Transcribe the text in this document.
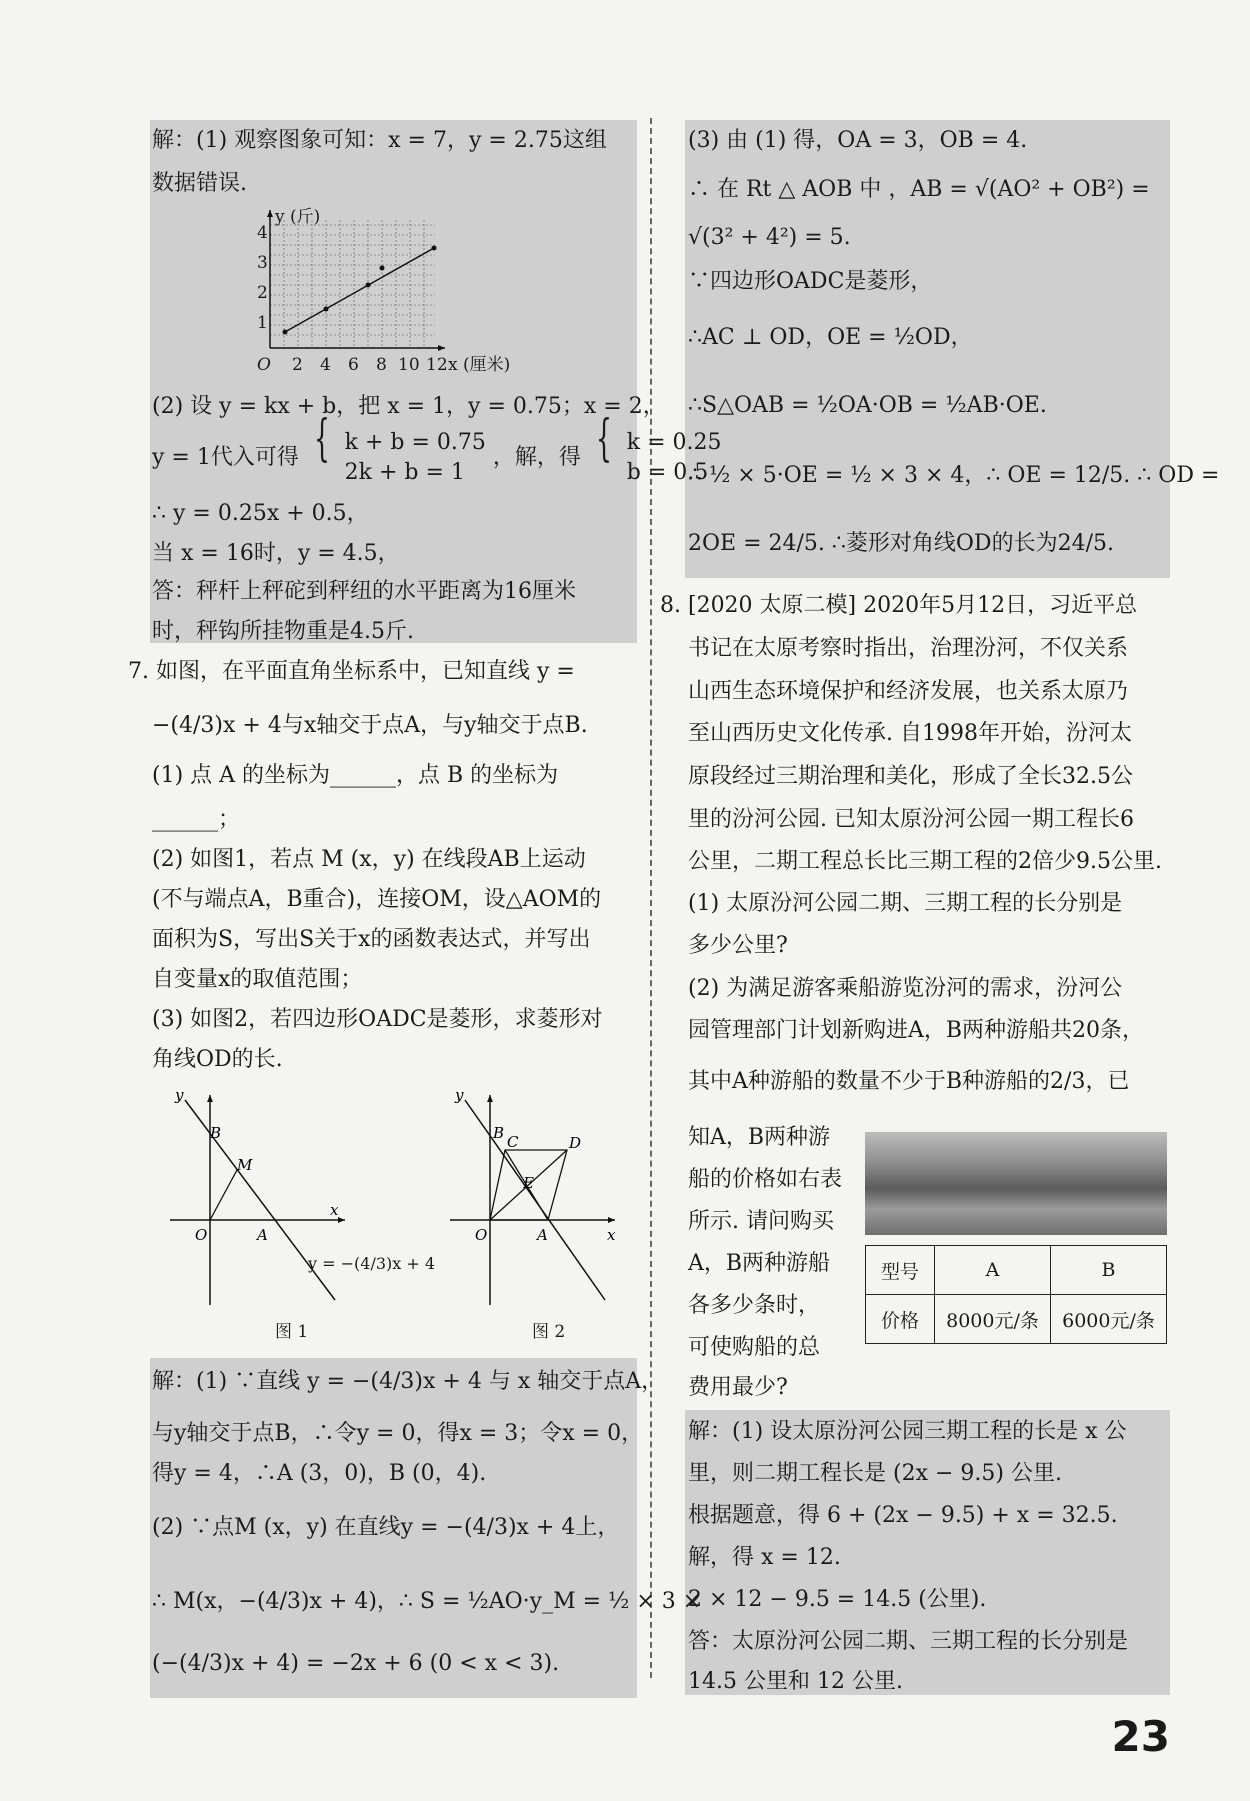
解：(1) 观察图象可知：x = 7，y = 2.75这组
数据错误.
y (斤)
4
3
2
1
O 2 4 6 8 10 12 x (厘米)
(2) 设 y = kx + b，把 x = 1，y = 0.75；x = 2，
y = 1代入可得 { k + b = 0.75
2k + b = 1 ，解，得 { k = 0.25
b = 0.5
∴ y = 0.25x + 0.5，
当 x = 16时，y = 4.5，
答：秤杆上秤砣到秤纽的水平距离为16厘米
时，秤钩所挂物重是4.5斤.
7. 如图，在平面直角坐标系中，已知直线 y =
−(4/3)x + 4与x轴交于点A，与y轴交于点B.
(1) 点 A 的坐标为______，点 B 的坐标为
______；
(2) 如图1，若点 M (x，y) 在线段AB上运动
(不与端点A，B重合)，连接OM，设△AOM的
面积为S，写出S关于x的函数表达式，并写出
自变量x的取值范围；
(3) 如图2，若四边形OADC是菱形，求菱形对
角线OD的长.
y
B
M
O	A
x
y = −(4/3)x + 4
图 1
y
B C	D
E
O	A	x
图 2
解：(1) ∵直线 y = −(4/3)x + 4 与 x 轴交于点A，
与y轴交于点B，∴令y = 0，得x = 3；令x = 0，
得y = 4，∴A (3，0)，B (0，4).
(2) ∵点M (x，y) 在直线y = −(4/3)x + 4上，
∴ M(x，−(4/3)x + 4)，∴ S = ½AO·y_M = ½ × 3 ×
(−(4/3)x + 4) = −2x + 6 (0 < x < 3).
(3) 由 (1) 得，OA = 3，OB = 4.
∴ 在 Rt △ AOB 中 ，AB = √(AO² + OB²) =
√(3² + 4²) = 5.
∵四边形OADC是菱形，
∴AC ⊥ OD，OE = ½OD，
∴S△OAB = ½OA·OB = ½AB·OE.
∴ ½ × 5·OE = ½ × 3 × 4，∴ OE = 12/5. ∴ OD =
2OE = 24/5. ∴菱形对角线OD的长为24/5.
8. [2020 太原二模] 2020年5月12日，习近平总
书记在太原考察时指出，治理汾河，不仅关系
山西生态环境保护和经济发展，也关系太原乃
至山西历史文化传承. 自1998年开始，汾河太
原段经过三期治理和美化，形成了全长32.5公
里的汾河公园. 已知太原汾河公园一期工程长6
公里，二期工程总长比三期工程的2倍少9.5公里.
(1) 太原汾河公园二期、三期工程的长分别是
多少公里?
(2) 为满足游客乘船游览汾河的需求，汾河公
园管理部门计划新购进A，B两种游船共20条，
其中A种游船的数量不少于B种游船的2/3，已
知A，B两种游
船的价格如右表
所示. 请问购买
A，B两种游船
各多少条时，
可使购船的总
费用最少?
型号	A	B
价格	8000元/条	6000元/条
解：(1) 设太原汾河公园三期工程的长是 x 公
里，则二期工程长是 (2x − 9.5) 公里.
根据题意，得 6 + (2x − 9.5) + x = 32.5.
解，得 x = 12.
2 × 12 − 9.5 = 14.5 (公里).
答：太原汾河公园二期、三期工程的长分别是
14.5 公里和 12 公里.
23
